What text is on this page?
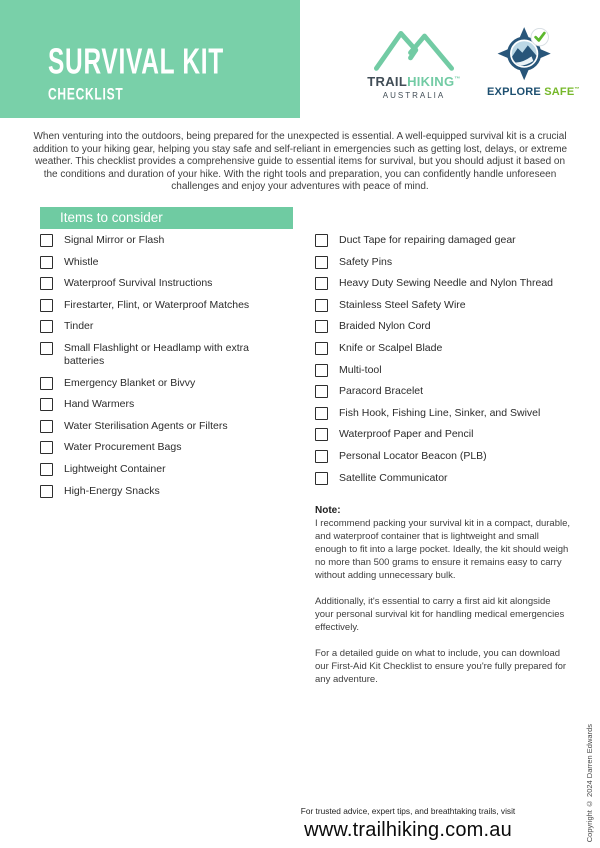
SURVIVAL KIT
CHECKLIST
TRAILHIKING™
AUSTRALIA	EXPLORE SAFE™

When venturing into the outdoors, being prepared for the unexpected is essential. A well-equipped survival kit is a crucial addition to your hiking gear, helping you stay safe and self-reliant in emergencies such as getting lost, delays, or extreme weather. This checklist provides a comprehensive guide to essential items for survival, but you should adjust it based on the conditions and duration of your hike. With the right tools and preparation, you can confidently handle unforeseen challenges and enjoy your adventures with peace of mind.

Items to consider
Signal Mirror or Flash
Whistle
Waterproof Survival Instructions
Firestarter, Flint, or Waterproof Matches
Tinder
Small Flashlight or Headlamp with extra batteries
Emergency Blanket or Bivvy
Hand Warmers
Water Sterilisation Agents or Filters
Water Procurement Bags
Lightweight Container
High-Energy Snacks
Duct Tape for repairing damaged gear
Safety Pins
Heavy Duty Sewing Needle and Nylon Thread
Stainless Steel Safety Wire
Braided Nylon Cord
Knife or Scalpel Blade
Multi-tool
Paracord Bracelet
Fish Hook, Fishing Line, Sinker, and Swivel
Waterproof Paper and Pencil
Personal Locator Beacon (PLB)
Satellite Communicator
Note:

I recommend packing your survival kit in a compact, durable, and waterproof container that is lightweight and small enough to fit into a large pocket. Ideally, the kit should weigh no more than 500 grams to ensure it remains easy to carry without adding unnecessary bulk.

Additionally, it's essential to carry a first aid kit alongside your personal survival kit for handling medical emergencies effectively.

For a detailed guide on what to include, you can download our First-Aid Kit Checklist to ensure you're fully prepared for any adventure.

For trusted advice, expert tips, and breathtaking trails, visit
www.trailhiking.com.au	Copyright © 2024 Darren Edwards
